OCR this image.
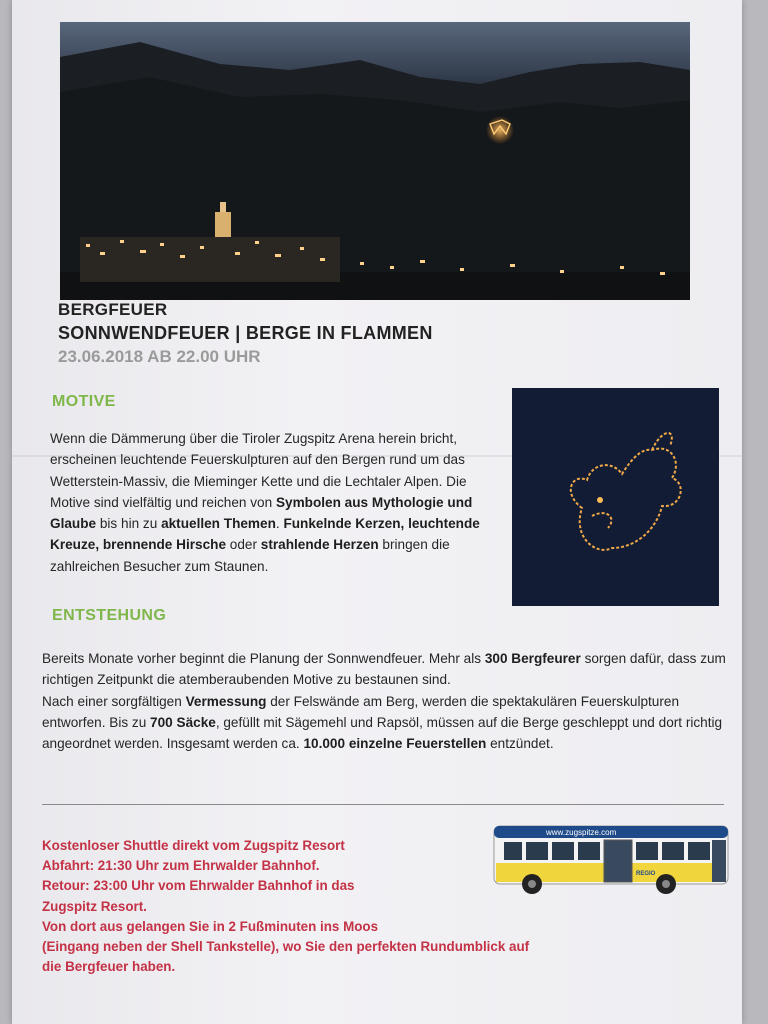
BERGFEUER
SONNWENDFEUER | BERGE IN FLAMMEN
23.06.2018 AB 22.00 UHR
MOTIVE
Wenn die Dämmerung über die Tiroler Zugspitz Arena herein bricht, erscheinen leuchtende Feuerskulpturen auf den Bergen rund um das Wetterstein-Massiv, die Mieminger Kette und die Lechtaler Alpen. Die Motive sind vielfältig und reichen von Symbolen aus Mythologie und Glaube bis hin zu aktuellen Themen. Funkelnde Kerzen, leuchtende Kreuze, brennende Hirsche oder strahlende Herzen bringen die zahlreichen Besucher zum Staunen.
ENTSTEHUNG
Bereits Monate vorher beginnt die Planung der Sonnwendfeuer. Mehr als 300 Bergfeurer sorgen dafür, dass zum richtigen Zeitpunkt die atemberaubenden Motive zu bestaunen sind.
Nach einer sorgfältigen Vermessung der Felswände am Berg, werden die spektakulären Feuerskulpturen entworfen. Bis zu 700 Säcke, gefüllt mit Sägemehl und Rapsöl, müssen auf die Berge geschleppt und dort richtig angeordnet werden. Insgesamt werden ca. 10.000 einzelne Feuerstellen entzündet.
Kostenloser Shuttle direkt vom Zugspitz Resort
Abfahrt: 21:30 Uhr zum Ehrwalder Bahnhof.
Retour: 23:00 Uhr vom Ehrwalder Bahnhof in das
Zugspitz Resort.
Von dort aus gelangen Sie in 2 Fußminuten ins Moos
(Eingang neben der Shell Tankstelle), wo Sie den perfekten Rundumblick auf
die Bergfeuer haben.
www.zugspitze.com
REGIO
